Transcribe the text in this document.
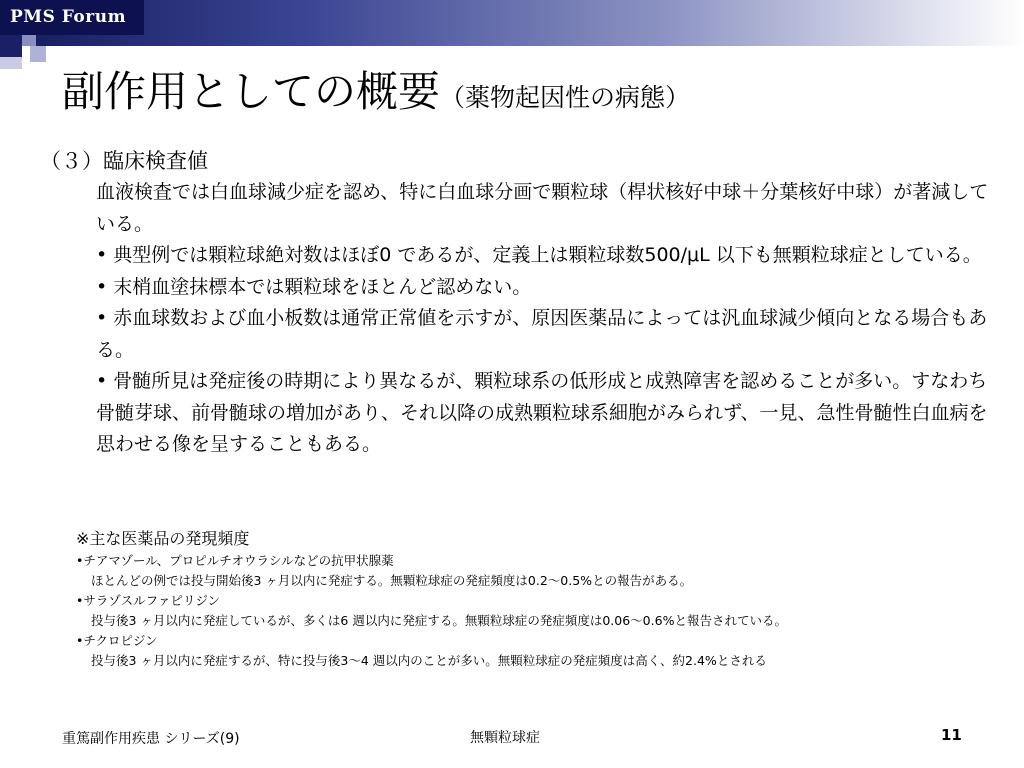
PMS Forum
副作用としての概要（薬物起因性の病態）
（３）臨床検査値

血液検査では白血球減少症を認め、特に白血球分画で顆粒球（桿状核好中球＋分葉核好中球）が著減している。

• 典型例では顆粒球絶対数はほぼ0 であるが、定義上は顆粒球数500/μL 以下も無顆粒球症としている。

• 末梢血塗抹標本では顆粒球をほとんど認めない。

• 赤血球数および血小板数は通常正常値を示すが、原因医薬品によっては汎血球減少傾向となる場合もある。

• 骨髄所見は発症後の時期により異なるが、顆粒球系の低形成と成熟障害を認めることが多い。すなわち骨髄芽球、前骨髄球の増加があり、それ以降の成熟顆粒球系細胞がみられず、一見、急性骨髄性白血病を思わせる像を呈することもある。

※主な医薬品の発現頻度

•チアマゾール、プロピルチオウラシルなどの抗甲状腺薬

ほとんどの例では投与開始後3 ヶ月以内に発症する。無顆粒球症の発症頻度は0.2～0.5%との報告がある。

•サラゾスルファピリジン

投与後3 ヶ月以内に発症しているが、多くは6 週以内に発症する。無顆粒球症の発症頻度は0.06～0.6%と報告されている。

•チクロピジン

投与後3 ヶ月以内に発症するが、特に投与後3～4 週以内のことが多い。無顆粒球症の発症頻度は高く、約2.4%とされる

重篤副作用疾患 シリーズ(9)	無顆粒球症	11
